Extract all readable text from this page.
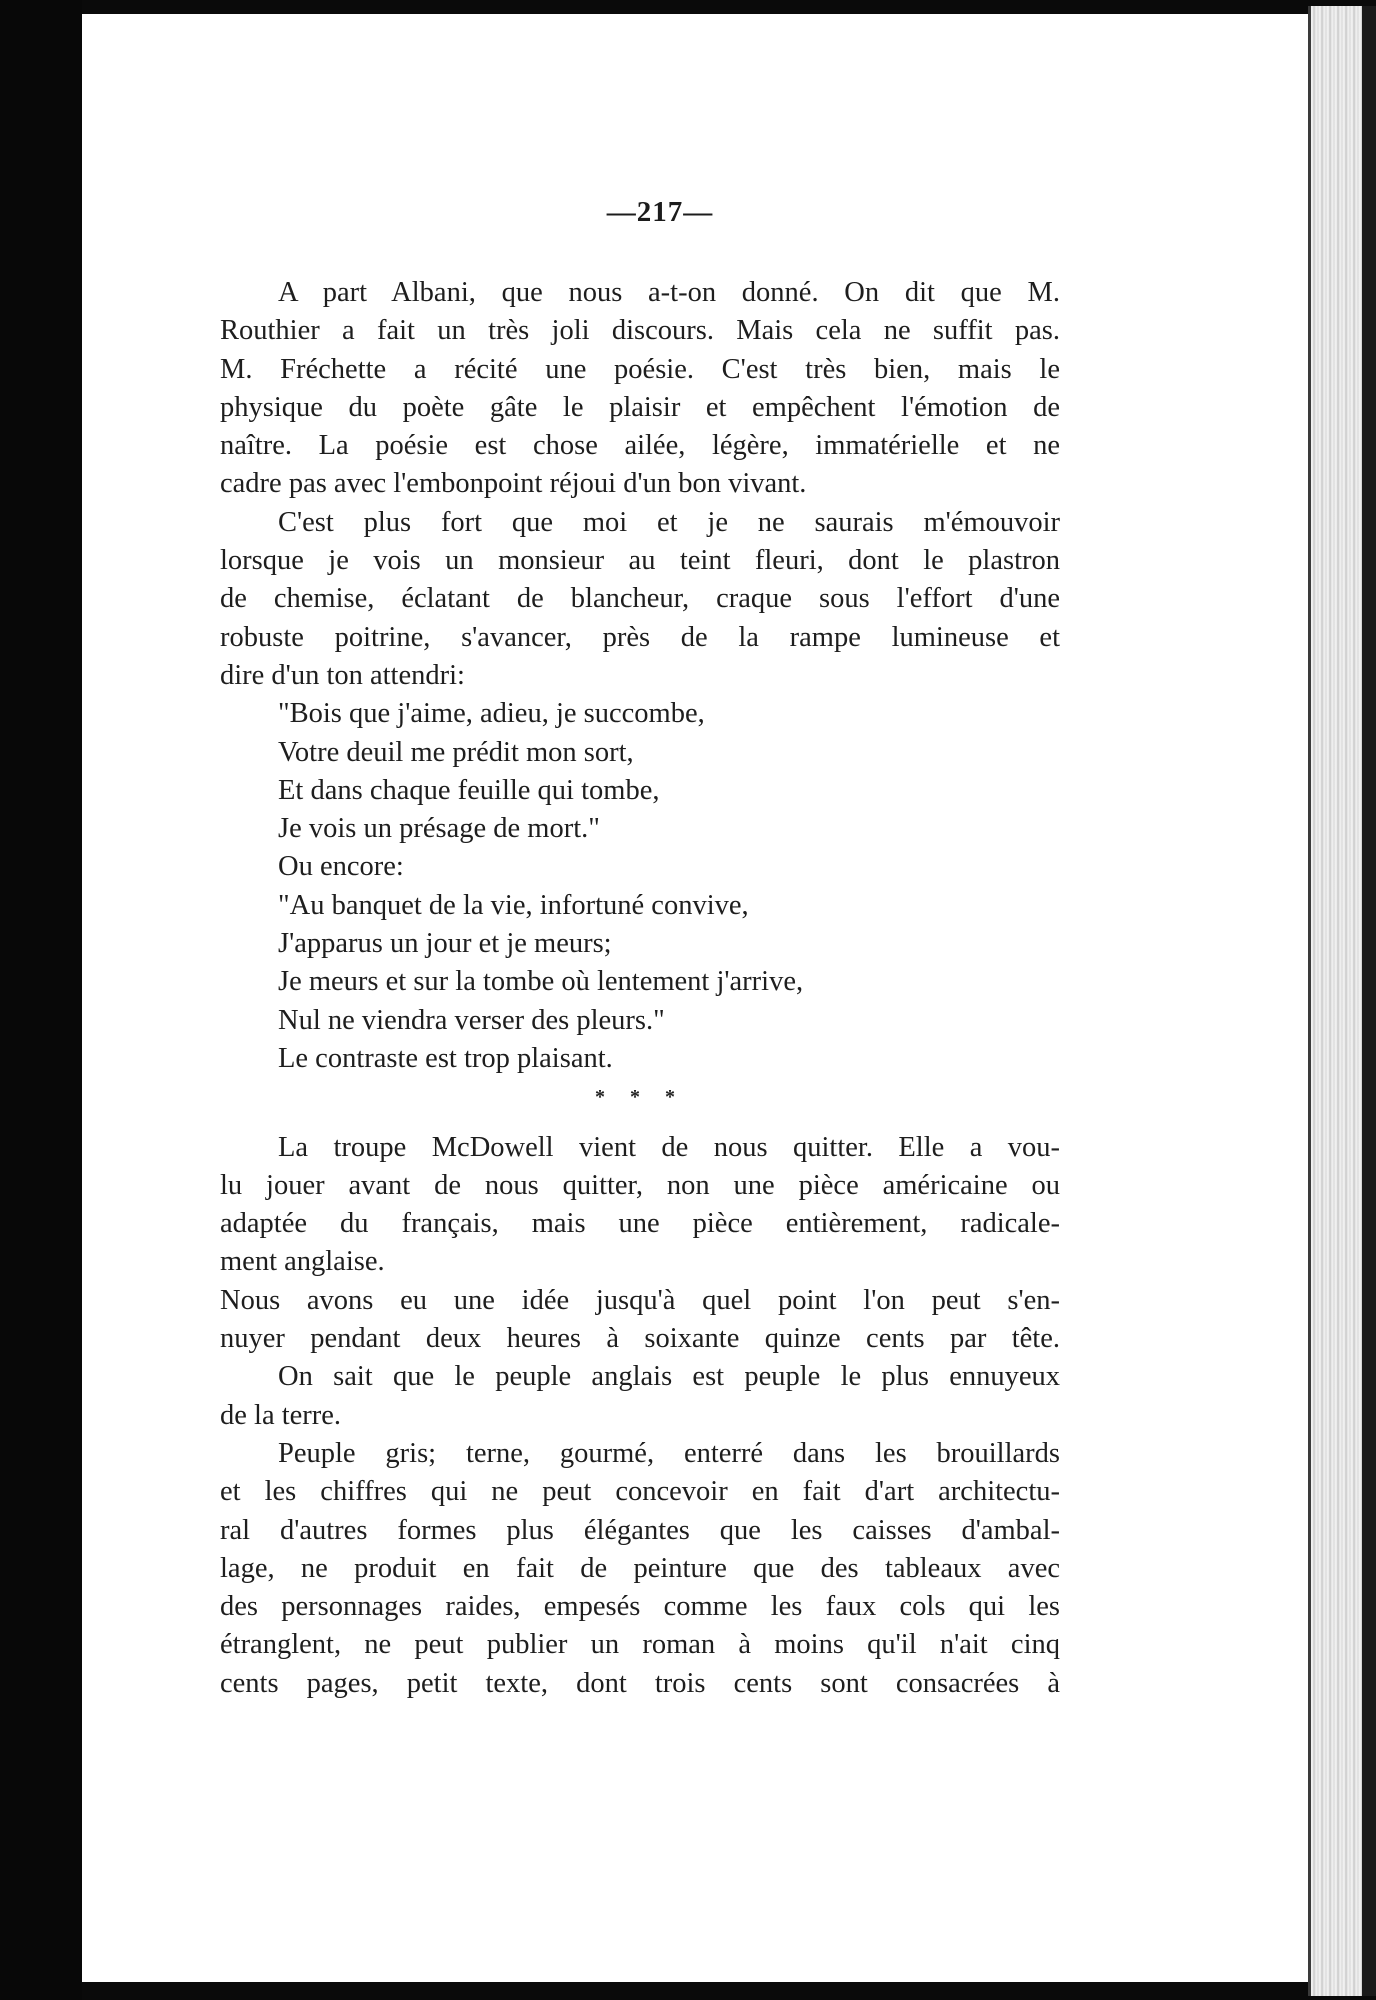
—217—
A part Albani, que nous a-t-on donné. On dit que M.
Routhier a fait un très joli discours. Mais cela ne suffit pas.
M. Fréchette a récité une poésie. C'est très bien, mais le
physique du poète gâte le plaisir et empêchent l'émotion de
naître. La poésie est chose ailée, légère, immatérielle et ne
cadre pas avec l'embonpoint réjoui d'un bon vivant.
C'est plus fort que moi et je ne saurais m'émouvoir
lorsque je vois un monsieur au teint fleuri, dont le plastron
de chemise, éclatant de blancheur, craque sous l'effort d'une
robuste poitrine, s'avancer, près de la rampe lumineuse et
dire d'un ton attendri:
"Bois que j'aime, adieu, je succombe,
Votre deuil me prédit mon sort,
Et dans chaque feuille qui tombe,
Je vois un présage de mort."
Ou encore:
"Au banquet de la vie, infortuné convive,
J'apparus un jour et je meurs;
Je meurs et sur la tombe où lentement j'arrive,
Nul ne viendra verser des pleurs."
Le contraste est trop plaisant.
* * *
La troupe McDowell vient de nous quitter. Elle a vou-
lu jouer avant de nous quitter, non une pièce américaine ou
adaptée du français, mais une pièce entièrement, radicale-
ment anglaise.
Nous avons eu une idée jusqu'à quel point l'on peut s'en-
nuyer pendant deux heures à soixante quinze cents par tête.
On sait que le peuple anglais est peuple le plus ennuyeux
de la terre.
Peuple gris; terne, gourmé, enterré dans les brouillards
et les chiffres qui ne peut concevoir en fait d'art architectu-
ral d'autres formes plus élégantes que les caisses d'ambal-
lage, ne produit en fait de peinture que des tableaux avec
des personnages raides, empesés comme les faux cols qui les
étranglent, ne peut publier un roman à moins qu'il n'ait cinq
cents pages, petit texte, dont trois cents sont consacrées à
